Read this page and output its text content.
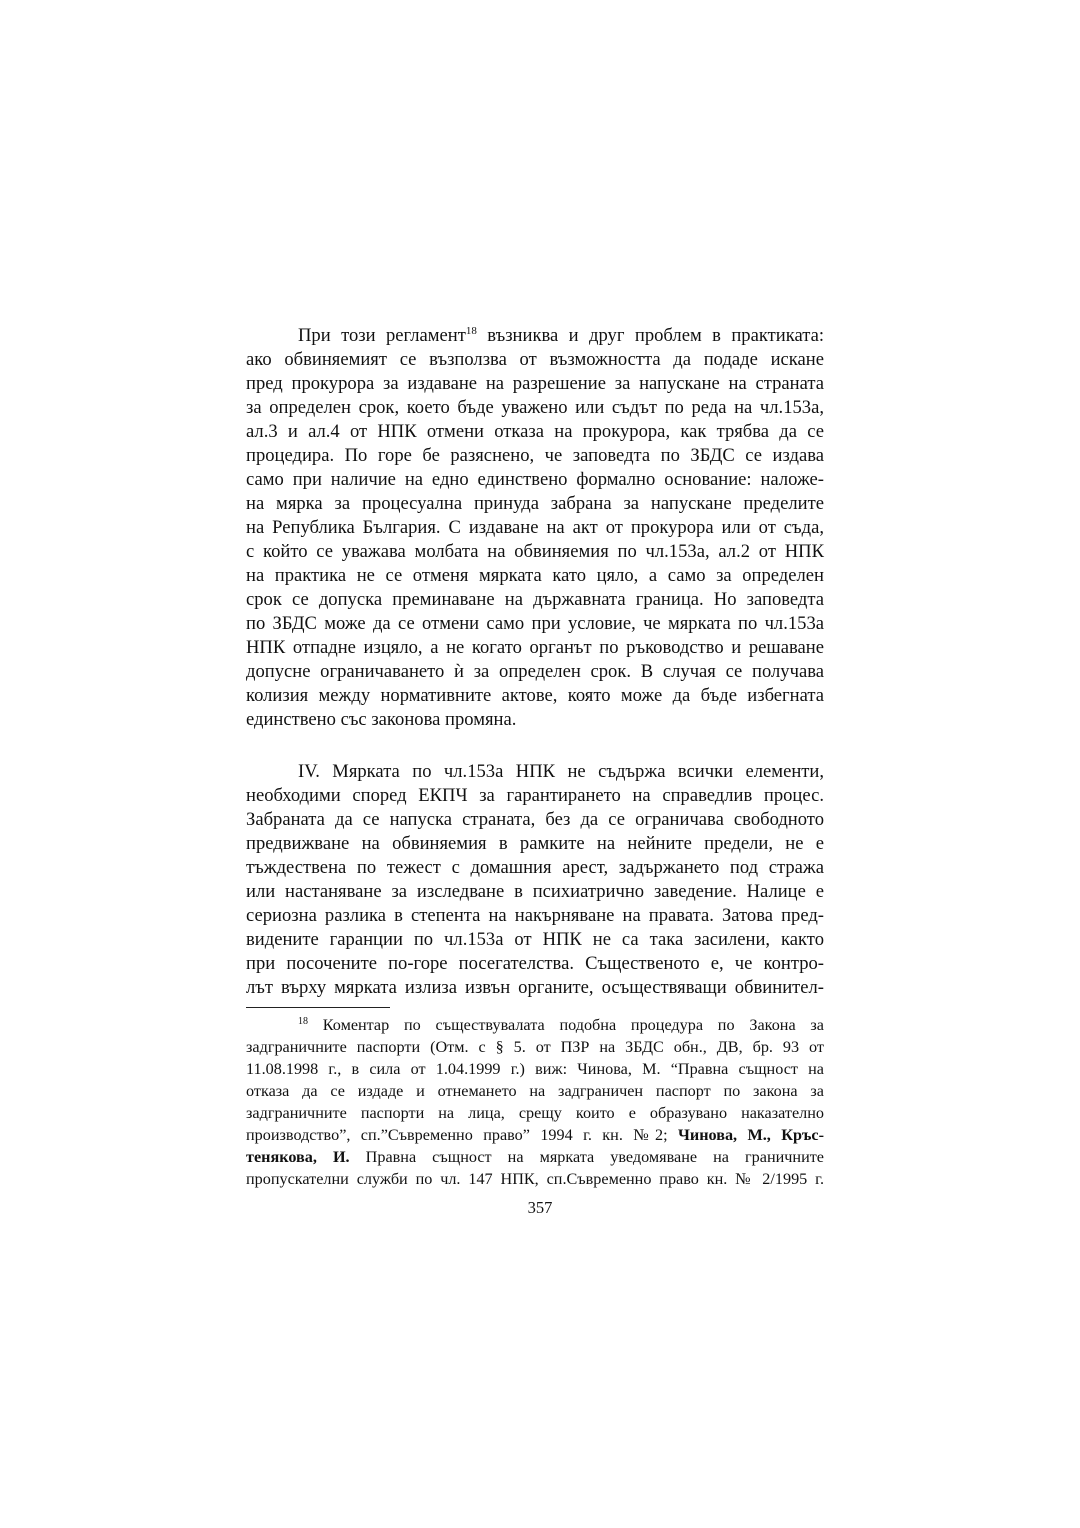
При този регламент$^{18}$ възниква и друг проблем в практиката:
ако обвиняемият се възползва от възможността да подаде искане
пред прокурора за издаване на разрешение за напускане на страната
за определен срок, което бъде уважено или съдът по реда на чл.153а,
ал.3 и ал.4 от НПК отмени отказа на прокурора, как трябва да се
процедира. По горе бе разяснено, че заповедта по ЗБДС се издава
само при наличие на едно единствено формално основание: наложе-
на мярка за процесуална принуда забрана за напускане пределите
на Република България. С издаване на акт от прокурора или от съда,
с който се уважава молбата на обвиняемия по чл.153а, ал.2 от НПК
на практика не се отменя мярката като цяло, а само за определен
срок се допуска преминаване на държавната граница. Но заповедта
по ЗБДС може да се отмени само при условие, че мярката по чл.153а
НПК отпадне изцяло, а не когато органът по ръководство и решаване
допусне ограничаването ѝ за определен срок. В случая се получава
колизия между нормативните актове, която може да бъде избегната
единствено със законова промяна.

IV. Мярката по чл.153а НПК не съдържа всички елементи,
необходими според ЕКПЧ за гарантирането на справедлив процес.
Забраната да се напуска страната, без да се ограничава свободното
предвижване на обвиняемия в рамките на нейните предели, не е
тъждествена по тежест с домашния арест, задържането под стража
или настаняване за изследване в психиатрично заведение. Налице е
сериозна разлика в степента на накърняване на правата. Затова пред-
видените гаранции по чл.153а от НПК не са така засилени, както
при посочените по-горе посегателства. Същественото е, че контро-
лът върху мярката излиза извън органите, осъществяващи обвинител-

$^{18}$ Коментар по съществувалата подобна процедура по Закона за
задграничните паспорти (Отм. с § 5. от ПЗР на ЗБДС обн., ДВ, бр. 93 от
11.08.1998 г., в сила от 1.04.1999 г.) виж: Чинова, М. “Правна същност на
отказа да се издаде и отнемането на задграничен паспорт по закона за
задграничните паспорти на лица, срещу които е образувано наказателно
производство”, сп.”Съвременно право” 1994 г. кн. №2; Чинова, М., Кръс-
тенякова, И. Правна същност на мярката уведомяване на граничните
пропускателни служби по чл. 147 НПК, сп.Съвременно право кн. № 2/1995 г.
357
